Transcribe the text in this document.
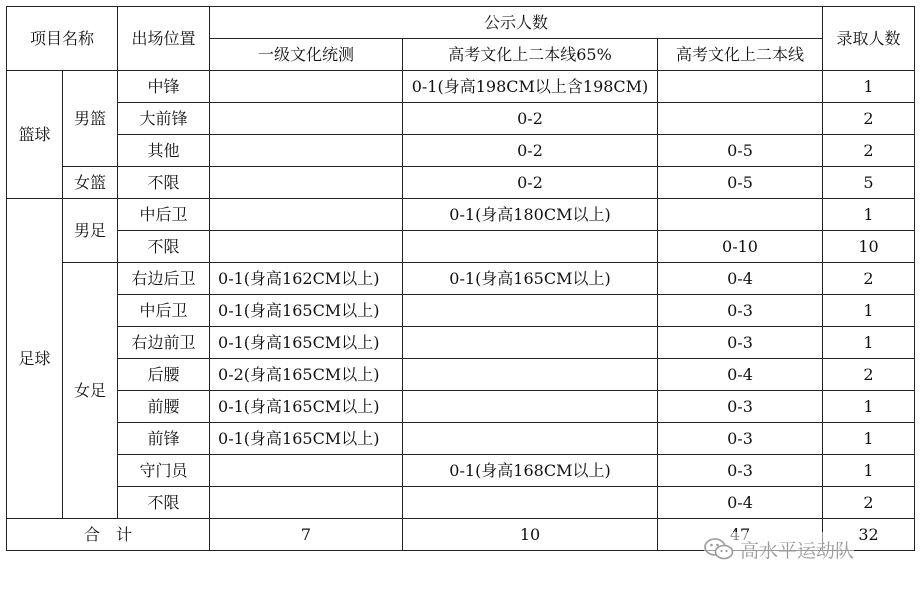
项目名称		出场位置	公示人数			录取人数
			一级文化统测	高考文化上二本线65%	高考文化上二本线	
篮球	男篮	中锋		0-1(身高198CM以上含198CM)		1
		大前锋		0-2		2
		其他		0-2	0-5	2
	女篮	不限		0-2	0-5	5
足球	男足	中后卫		0-1(身高180CM以上)		1
		不限			0-10	10
	女足	右边后卫	0-1(身高162CM以上)	0-1(身高165CM以上)	0-4	2
		中后卫	0-1(身高165CM以上)		0-3	1
		右边前卫	0-1(身高165CM以上)		0-3	1
		后腰	0-2(身高165CM以上)		0-4	2
		前腰	0-1(身高165CM以上)		0-3	1
		前锋	0-1(身高165CM以上)		0-3	1
		守门员		0-1(身高168CM以上)	0-3	1
		不限			0-4	2
合　计			7	10		32
高水平运动队
